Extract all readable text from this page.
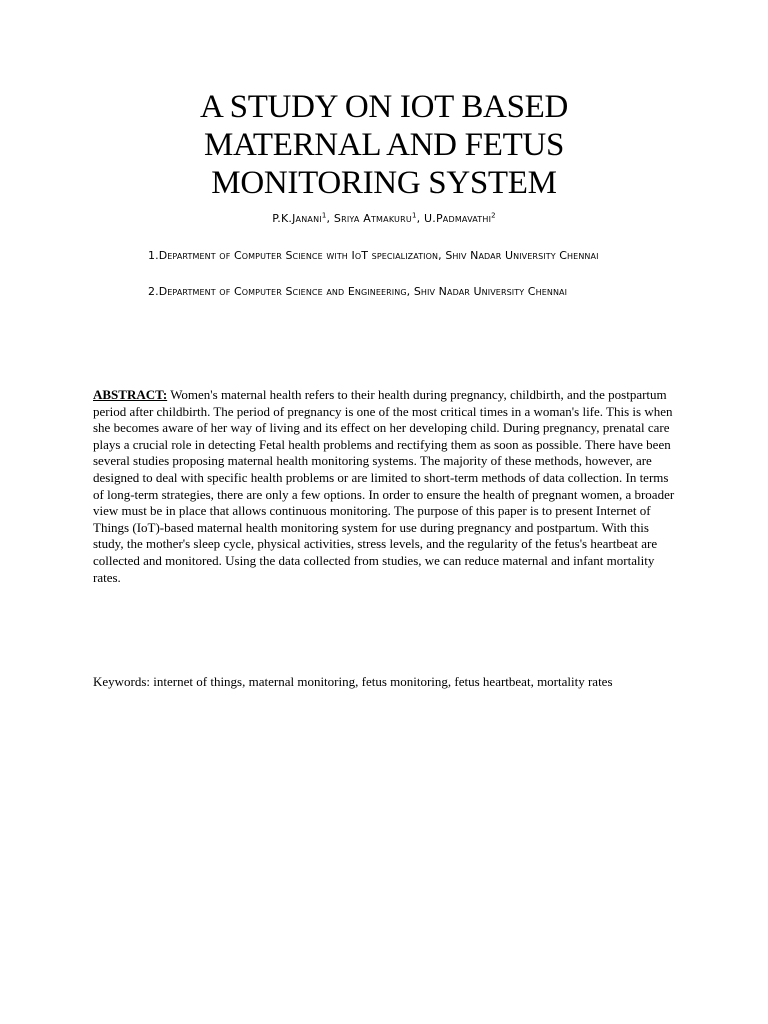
A STUDY ON IOT BASED
MATERNAL AND FETUS
MONITORING SYSTEM
P.K.Janani$^1$, Sriya Atmakuru$^1$, U.Padmavathi$^2$

1.Department of Computer Science with IoT specialization, Shiv Nadar University Chennai

2.Department of Computer Science and Engineering, Shiv Nadar University Chennai

ABSTRACT: Women's maternal health refers to their health during pregnancy, childbirth, and the postpartum period after childbirth. The period of pregnancy is one of the most critical times in a woman's life. This is when she becomes aware of her way of living and its effect on her developing child. During pregnancy, prenatal care plays a crucial role in detecting Fetal health problems and rectifying them as soon as possible. There have been several studies proposing maternal health monitoring systems. The majority of these methods, however, are designed to deal with specific health problems or are limited to short-term methods of data collection. In terms of long-term strategies, there are only a few options. In order to ensure the health of pregnant women, a broader view must be in place that allows continuous monitoring. The purpose of this paper is to present Internet of Things (IoT)-based maternal health monitoring system for use during pregnancy and postpartum. With this study, the mother's sleep cycle, physical activities, stress levels, and the regularity of the fetus's heartbeat are collected and monitored. Using the data collected from studies, we can reduce maternal and infant mortality rates.

Keywords: internet of things, maternal monitoring, fetus monitoring, fetus heartbeat, mortality rates
